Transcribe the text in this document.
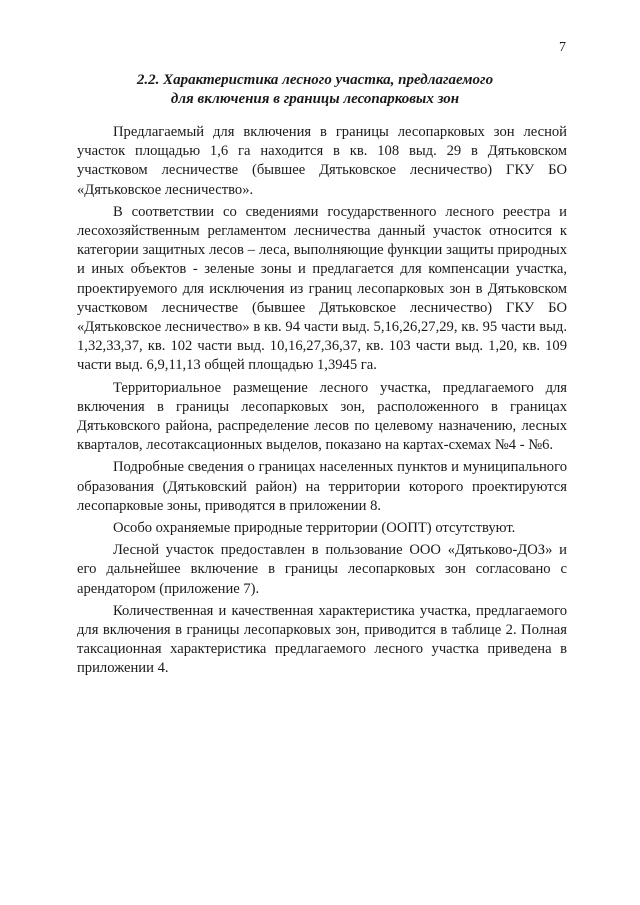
7
2.2. Характеристика лесного участка, предлагаемого
для включения в границы лесопарковых зон

Предлагаемый для включения в границы лесопарковых зон лесной участок площадью 1,6 га находится в кв. 108 выд. 29 в Дятьковском участковом лесничестве (бывшее Дятьковское лесничество) ГКУ БО «Дятьковское лесничество».

В соответствии со сведениями государственного лесного реестра и лесохозяйственным регламентом лесничества данный участок относится к категории защитных лесов – леса, выполняющие функции защиты природных и иных объектов - зеленые зоны и предлагается для компенсации участка, проектируемого для исключения из границ лесопарковых зон в Дятьковском участковом лесничестве (бывшее Дятьковское лесничество) ГКУ БО «Дятьковское лесничество» в кв. 94 части выд. 5,16,26,27,29, кв. 95 части выд. 1,32,33,37, кв. 102 части выд. 10,16,27,36,37, кв. 103 части выд. 1,20, кв. 109 части выд. 6,9,11,13 общей площадью 1,3945 га.

Территориальное размещение лесного участка, предлагаемого для включения в границы лесопарковых зон, расположенного в границах Дятьковского района, распределение лесов по целевому назначению, лесных кварталов, лесотаксационных выделов, показано на картах-схемах №4 - №6.

Подробные сведения о границах населенных пунктов и муниципального образования (Дятьковский район) на территории которого проектируются лесопарковые зоны, приводятся в приложении 8.

Особо охраняемые природные территории (ООПТ) отсутствуют.

Лесной участок предоставлен в пользование ООО «Дятьково-ДОЗ» и его дальнейшее включение в границы лесопарковых зон согласовано с арендатором (приложение 7).

Количественная и качественная характеристика участка, предлагаемого для включения в границы лесопарковых зон, приводится в таблице 2. Полная таксационная характеристика предлагаемого лесного участка приведена в приложении 4.
